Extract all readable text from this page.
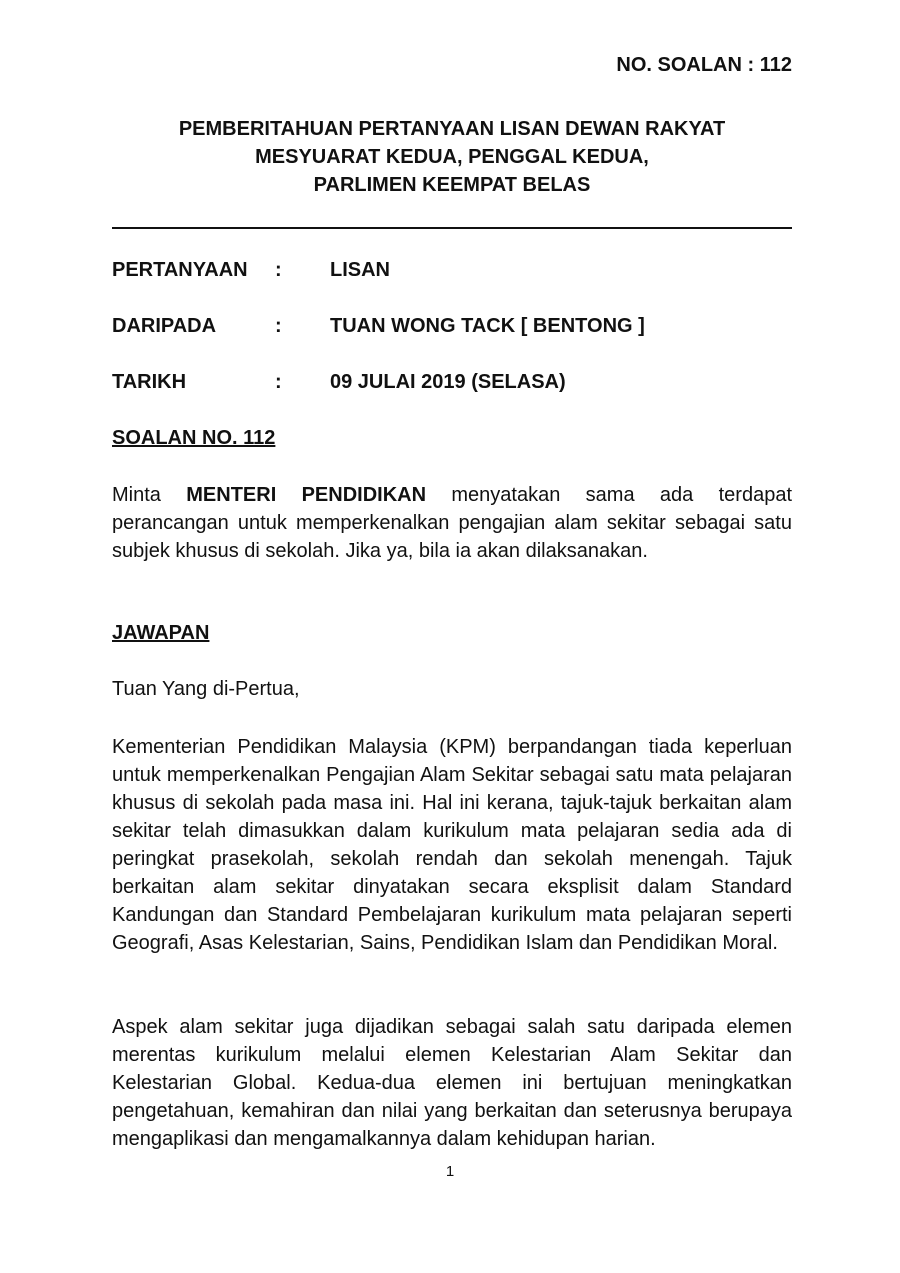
NO. SOALAN : 112
PEMBERITAHUAN PERTANYAAN LISAN DEWAN RAKYAT
MESYUARAT KEDUA, PENGGAL KEDUA,
PARLIMEN KEEMPAT BELAS
PERTANYAAN : LISAN
DARIPADA	: TUAN WONG TACK [ BENTONG ]
TARIKH	: 09 JULAI 2019 (SELASA)
SOALAN NO. 112
Minta MENTERI PENDIDIKAN menyatakan sama ada terdapat perancangan untuk memperkenalkan pengajian alam sekitar sebagai satu subjek khusus di sekolah. Jika ya, bila ia akan dilaksanakan.
JAWAPAN
Tuan Yang di-Pertua,
Kementerian Pendidikan Malaysia (KPM) berpandangan tiada keperluan untuk memperkenalkan Pengajian Alam Sekitar sebagai satu mata pelajaran khusus di sekolah pada masa ini. Hal ini kerana, tajuk-tajuk berkaitan alam sekitar telah dimasukkan dalam kurikulum mata pelajaran sedia ada di peringkat prasekolah, sekolah rendah dan sekolah menengah. Tajuk berkaitan alam sekitar dinyatakan secara eksplisit dalam Standard Kandungan dan Standard Pembelajaran kurikulum mata pelajaran seperti Geografi, Asas Kelestarian, Sains, Pendidikan Islam dan Pendidikan Moral.
Aspek alam sekitar juga dijadikan sebagai salah satu daripada elemen merentas kurikulum melalui elemen Kelestarian Alam Sekitar dan Kelestarian Global. Kedua-dua elemen ini bertujuan meningkatkan pengetahuan, kemahiran dan nilai yang berkaitan dan seterusnya berupaya mengaplikasi dan mengamalkannya dalam kehidupan harian.
1
